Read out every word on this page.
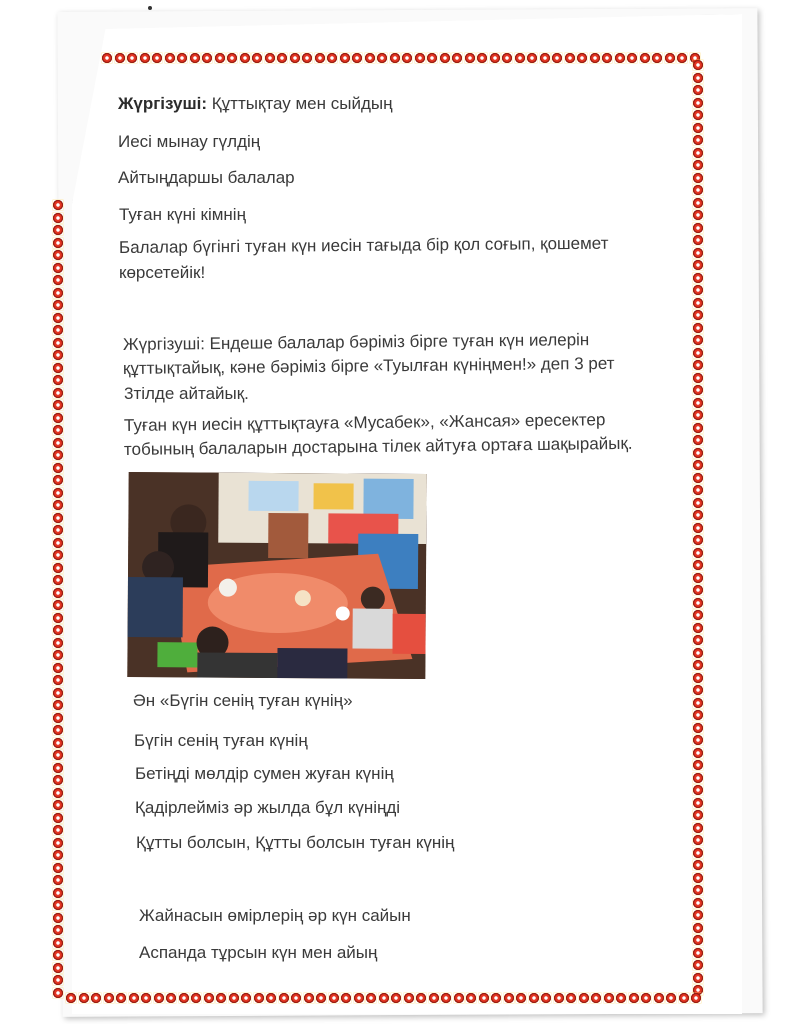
Жүргізуші: Құттықтау мен сыйдың
Иесі мынау гүлдің
Айтыңдаршы балалар
Туған күні кімнің
Балалар бүгінгі туған күн иесін тағыда бір қол соғып, қошемет
көрсетейік!
Жүргізуші: Ендеше балалар бәріміз бірге туған күн иелерін
құттықтайық, кәне бәріміз бірге «Туылған күніңмен!» деп 3 рет
3тілде айтайық.
Туған күн иесін құттықтауға «Мусабек», «Жансая» ересектер
тобының балаларын достарына тілек айтуға ортаға шақырайық.
Ән «Бүгін сенің туған күнің»
Бүгін сенің туған күнің
Бетіңді мөлдір сумен жуған күнің
Қадірлейміз әр жылда бұл күніңді
Құтты болсын, Құтты болсын туған күнің
Жайнасын өмірлерің әр күн сайын
Аспанда тұрсын күн мен айың
